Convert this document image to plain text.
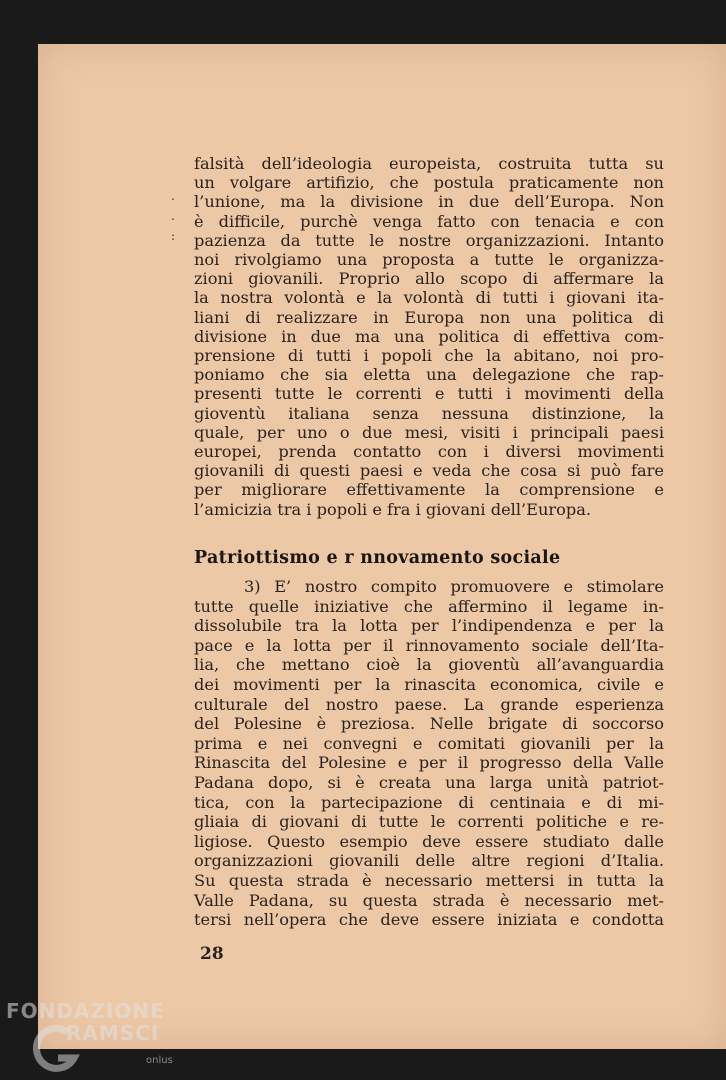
.
.
:
falsità dell’ideologia europeista, costruita tutta su
un volgare artifizio, che postula praticamente non
l’unione, ma la divisione in due dell’Europa. Non
è difficile, purchè venga fatto con tenacia e con
pazienza da tutte le nostre organizzazioni. Intanto
noi rivolgiamo una proposta a tutte le organizza-
zioni giovanili. Proprio allo scopo di affermare la
la nostra volontà e la volontà di tutti i giovani ita-
liani di realizzare in Europa non una politica di
divisione in due ma una politica di effettiva com-
prensione di tutti i popoli che la abitano, noi pro-
poniamo che sia eletta una delegazione che rap-
presenti tutte le correnti e tutti i movimenti della
gioventù italiana senza nessuna distinzione, la
quale, per uno o due mesi, visiti i principali paesi
europei, prenda contatto con i diversi movimenti
giovanili di questi paesi e veda che cosa si può fare
per migliorare effettivamente la comprensione e
l’amicizia tra i popoli e fra i giovani dell’Europa.
Patriottismo e r nnovamento sociale
3) E’ nostro compito promuovere e stimolare
tutte quelle iniziative che affermino il legame in-
dissolubile tra la lotta per l’indipendenza e per la
pace e la lotta per il rinnovamento sociale dell’Ita-
lia, che mettano cioè la gioventù all’avanguardia
dei movimenti per la rinascita economica, civile e
culturale del nostro paese. La grande esperienza
del Polesine è preziosa. Nelle brigate di soccorso
prima e nei convegni e comitati giovanili per la
Rinascita del Polesine e per il progresso della Valle
Padana dopo, si è creata una larga unità patriot-
tica, con la partecipazione di centinaia e di mi-
gliaia di giovani di tutte le correnti politiche e re-
ligiose. Questo esempio deve essere studiato dalle
organizzazioni giovanili delle altre regioni d’Italia.
Su questa strada è necessario mettersi in tutta la
Valle Padana, su questa strada è necessario met-
tersi nell’opera che deve essere iniziata e condotta
28
FONDAZIONE
RAMSCI
onlus
